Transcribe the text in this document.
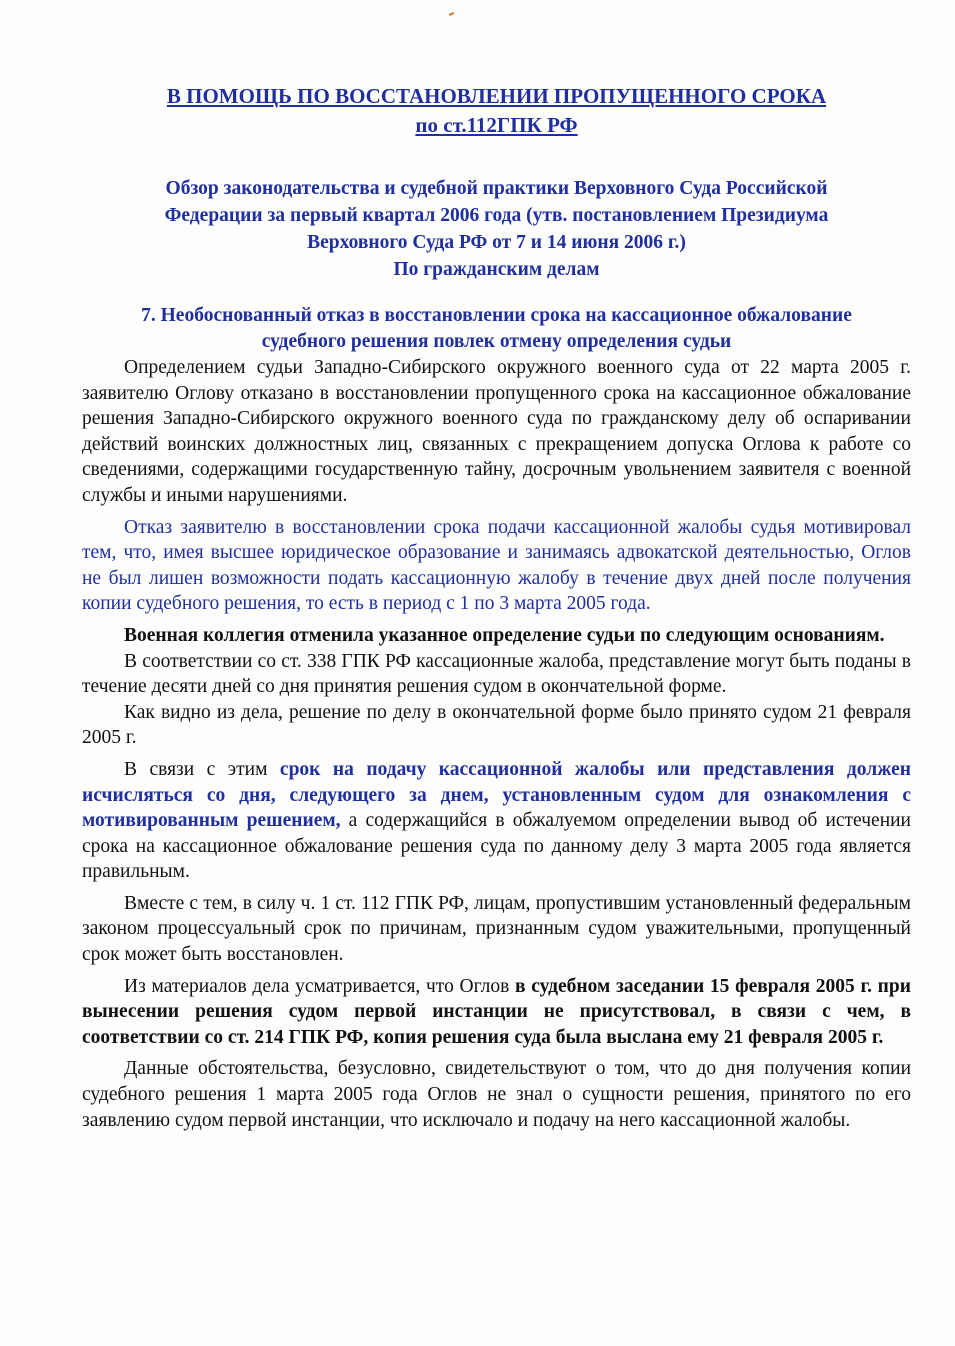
В ПОМОЩЬ ПО ВОССТАНОВЛЕНИИ ПРОПУЩЕННОГО СРОКА
по ст.112ГПК РФ
Обзор законодательства и судебной практики Верховного Суда Российской
Федерации за первый квартал 2006 года (утв. постановлением Президиума
Верховного Суда РФ от 7 и 14 июня 2006 г.)
По гражданским делам
7. Необоснованный отказ в восстановлении срока на кассационное обжалование
судебного решения повлек отмену определения судьи

Определением судьи Западно-Сибирского окружного военного суда от 22 марта 2005 г. заявителю Оглову отказано в восстановлении пропущенного срока на кассационное обжалование решения Западно-Сибирского окружного военного суда по гражданскому делу об оспаривании действий воинских должностных лиц, связанных с прекращением допуска Оглова к работе со сведениями, содержащими государственную тайну, досрочным увольнением заявителя с военной службы и иными нарушениями.

Отказ заявителю в восстановлении срока подачи кассационной жалобы судья мотивировал тем, что, имея высшее юридическое образование и занимаясь адвокатской деятельностью, Оглов не был лишен возможности подать кассационную жалобу в течение двух дней после получения копии судебного решения, то есть в период с 1 по 3 марта 2005 года.

Военная коллегия отменила указанное определение судьи по следующим основаниям.

В соответствии со ст. 338 ГПК РФ кассационные жалоба, представление могут быть поданы в течение десяти дней со дня принятия решения судом в окончательной форме.

Как видно из дела, решение по делу в окончательной форме было принято судом 21 февраля 2005 г.

В связи с этим срок на подачу кассационной жалобы или представления должен исчисляться со дня, следующего за днем, установленным судом для ознакомления с мотивированным решением, а содержащийся в обжалуемом определении вывод об истечении срока на кассационное обжалование решения суда по данному делу 3 марта 2005 года является правильным.

Вместе с тем, в силу ч. 1 ст. 112 ГПК РФ, лицам, пропустившим установленный федеральным законом процессуальный срок по причинам, признанным судом уважительными, пропущенный срок может быть восстановлен.

Из материалов дела усматривается, что Оглов в судебном заседании 15 февраля 2005 г. при вынесении решения судом первой инстанции не присутствовал, в связи с чем, в соответствии со ст. 214 ГПК РФ, копия решения суда была выслана ему 21 февраля 2005 г.

Данные обстоятельства, безусловно, свидетельствуют о том, что до дня получения копии судебного решения 1 марта 2005 года Оглов не знал о сущности решения, принятого по его заявлению судом первой инстанции, что исключало и подачу на него кассационной жалобы.
